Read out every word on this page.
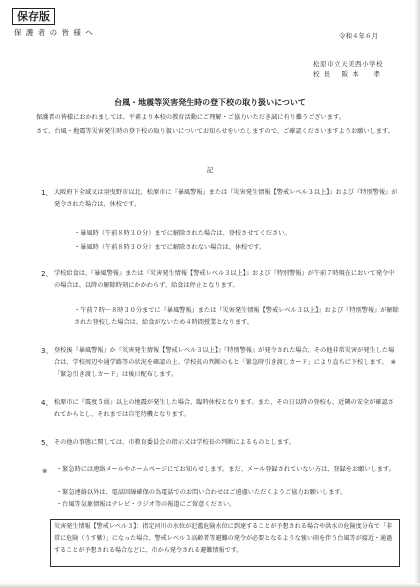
保存版
保 護 者 の 皆 様 へ	令和４年６月
松原市立天美西小学校
校 長　 阪 本 　 孝
台風・地震等災害発生時の登下校の取り扱いについて
保護者の皆様におかれましては、平素より本校の教育活動にご理解・ご協力いただき誠に有り難うございます。
さて、台風・地震等災害発生時の登下校の取り扱いについてお知らせをいたしますので、ご確認くださいますようお願いします。
記
1、 大阪府下全域又は羽曳野市以北、松原市に『暴風警報』または『災害発生情報【警戒レベル３以上】』および『特別警報』が発令された場合は、休校です。
・暴風時（午前８時３０分）までに解除された場合は、登校させてください。
・暴風時（午前８時３０分）までに解除されない場合は、休校です。
2、 学校給食は、『暴風警報』または『災害発生情報【警戒レベル３以上】』および『特別警報』が午前７時現在において発令中の場合は、以降の解除時刻にかかわらず、給食は停止となります。
・午前７時～８時３０分までに『暴風警報』または『災害発生情報【警戒レベル３以上】』および『特別警報』が解除された登校した場合は、給食がないため４時間授業となります。
3、 登校後『暴風警報』か『災害発生情報【警戒レベル３以上】』『特別警報』が発令された場合、その他非常災害が発生した場合は、学校周辺や通学路等の状況を確認の上、学校長の判断のもと「緊急時引き渡しカード」により直ちに下校します。　※「緊急引き渡しカード」は後日配布します。
4、 松原市に『震度５弱』以上の地震が発生した場合、臨時休校となります。また、その日以降の登校も、近隣の安全が確認されてからとし、それまでは自宅待機となります。
5、 その他の事態に関しては、市教育委員会の指示又は学校長の判断によるものとします。
※ ・緊急時には連絡メールやホームページにてお知らせします。まだ、メール登録されていない方は、登録をお願いします。
・緊急連絡以外は、電話回線確保の為電話でのお問い合わせはご遠慮いただくようご協力お願いします。
・台風等気象情報はテレビ・ラジオ等の報道にご留意ください。
災害発生情報【警戒レベル３】：指定河川の水位が氾濫危険水位に到達することが予想される場合や洪水の危険度分布で「非常に危険（うす紫）」になった場合、警戒レベル３高齢者等避難の発令が必要となるような強い雨を伴う台風等が接近・通過することが予想される場合などに、市から発令される避難情報です。
